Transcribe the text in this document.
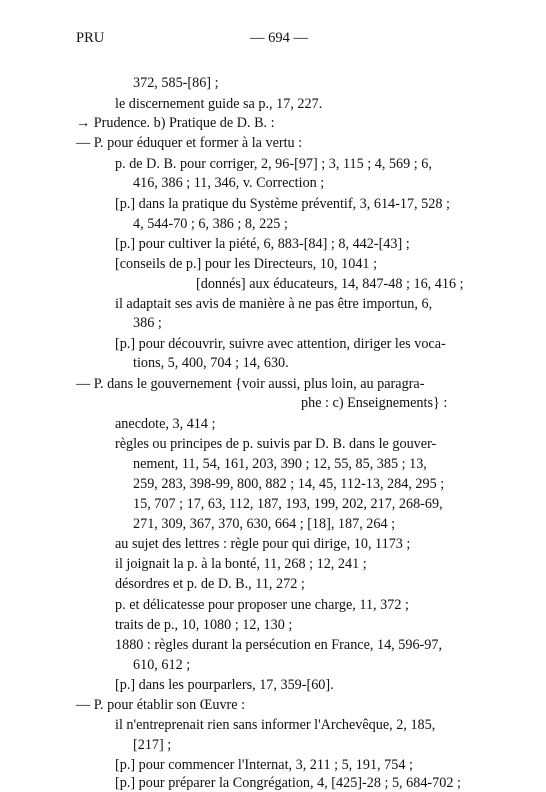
PRU	— 694 —
372, 585-[86] ;
le discernement guide sa p., 17, 227.
→ Prudence. b) Pratique de D. B. :
— P. pour éduquer et former à la vertu :
p. de D. B. pour corriger, 2, 96-[97] ; 3, 115 ; 4, 569 ; 6,
416, 386 ; 11, 346, v. Correction ;
[p.] dans la pratique du Système préventif, 3, 614-17, 528 ;
4, 544-70 ; 6, 386 ; 8, 225 ;
[p.] pour cultiver la piété, 6, 883-[84] ; 8, 442-[43] ;
[conseils de p.] pour les Directeurs, 10, 1041 ;
[donnés] aux éducateurs, 14, 847-48 ; 16, 416 ;
il adaptait ses avis de manière à ne pas être importun, 6,
386 ;
[p.] pour découvrir, suivre avec attention, diriger les voca-
tions, 5, 400, 704 ; 14, 630.
— P. dans le gouvernement {voir aussi, plus loin, au paragra-
phe : c) Enseignements} :
anecdote, 3, 414 ;
règles ou principes de p. suivis par D. B. dans le gouver-
nement, 11, 54, 161, 203, 390 ; 12, 55, 85, 385 ; 13,
259, 283, 398-99, 800, 882 ; 14, 45, 112-13, 284, 295 ;
15, 707 ; 17, 63, 112, 187, 193, 199, 202, 217, 268-69,
271, 309, 367, 370, 630, 664 ; [18], 187, 264 ;
au sujet des lettres : règle pour qui dirige, 10, 1173 ;
il joignait la p. à la bonté, 11, 268 ; 12, 241 ;
désordres et p. de D. B., 11, 272 ;
p. et délicatesse pour proposer une charge, 11, 372 ;
traits de p., 10, 1080 ; 12, 130 ;
1880 : règles durant la persécution en France, 14, 596-97,
610, 612 ;
[p.] dans les pourparlers, 17, 359-[60].
— P. pour établir son Œuvre :
il n'entreprenait rien sans informer l'Archevêque, 2, 185,
[217] ;
[p.] pour commencer l'Internat, 3, 211 ; 5, 191, 754 ;
[p.] pour préparer la Congrégation, 4, [425]-28 ; 5, 684-702 ;
